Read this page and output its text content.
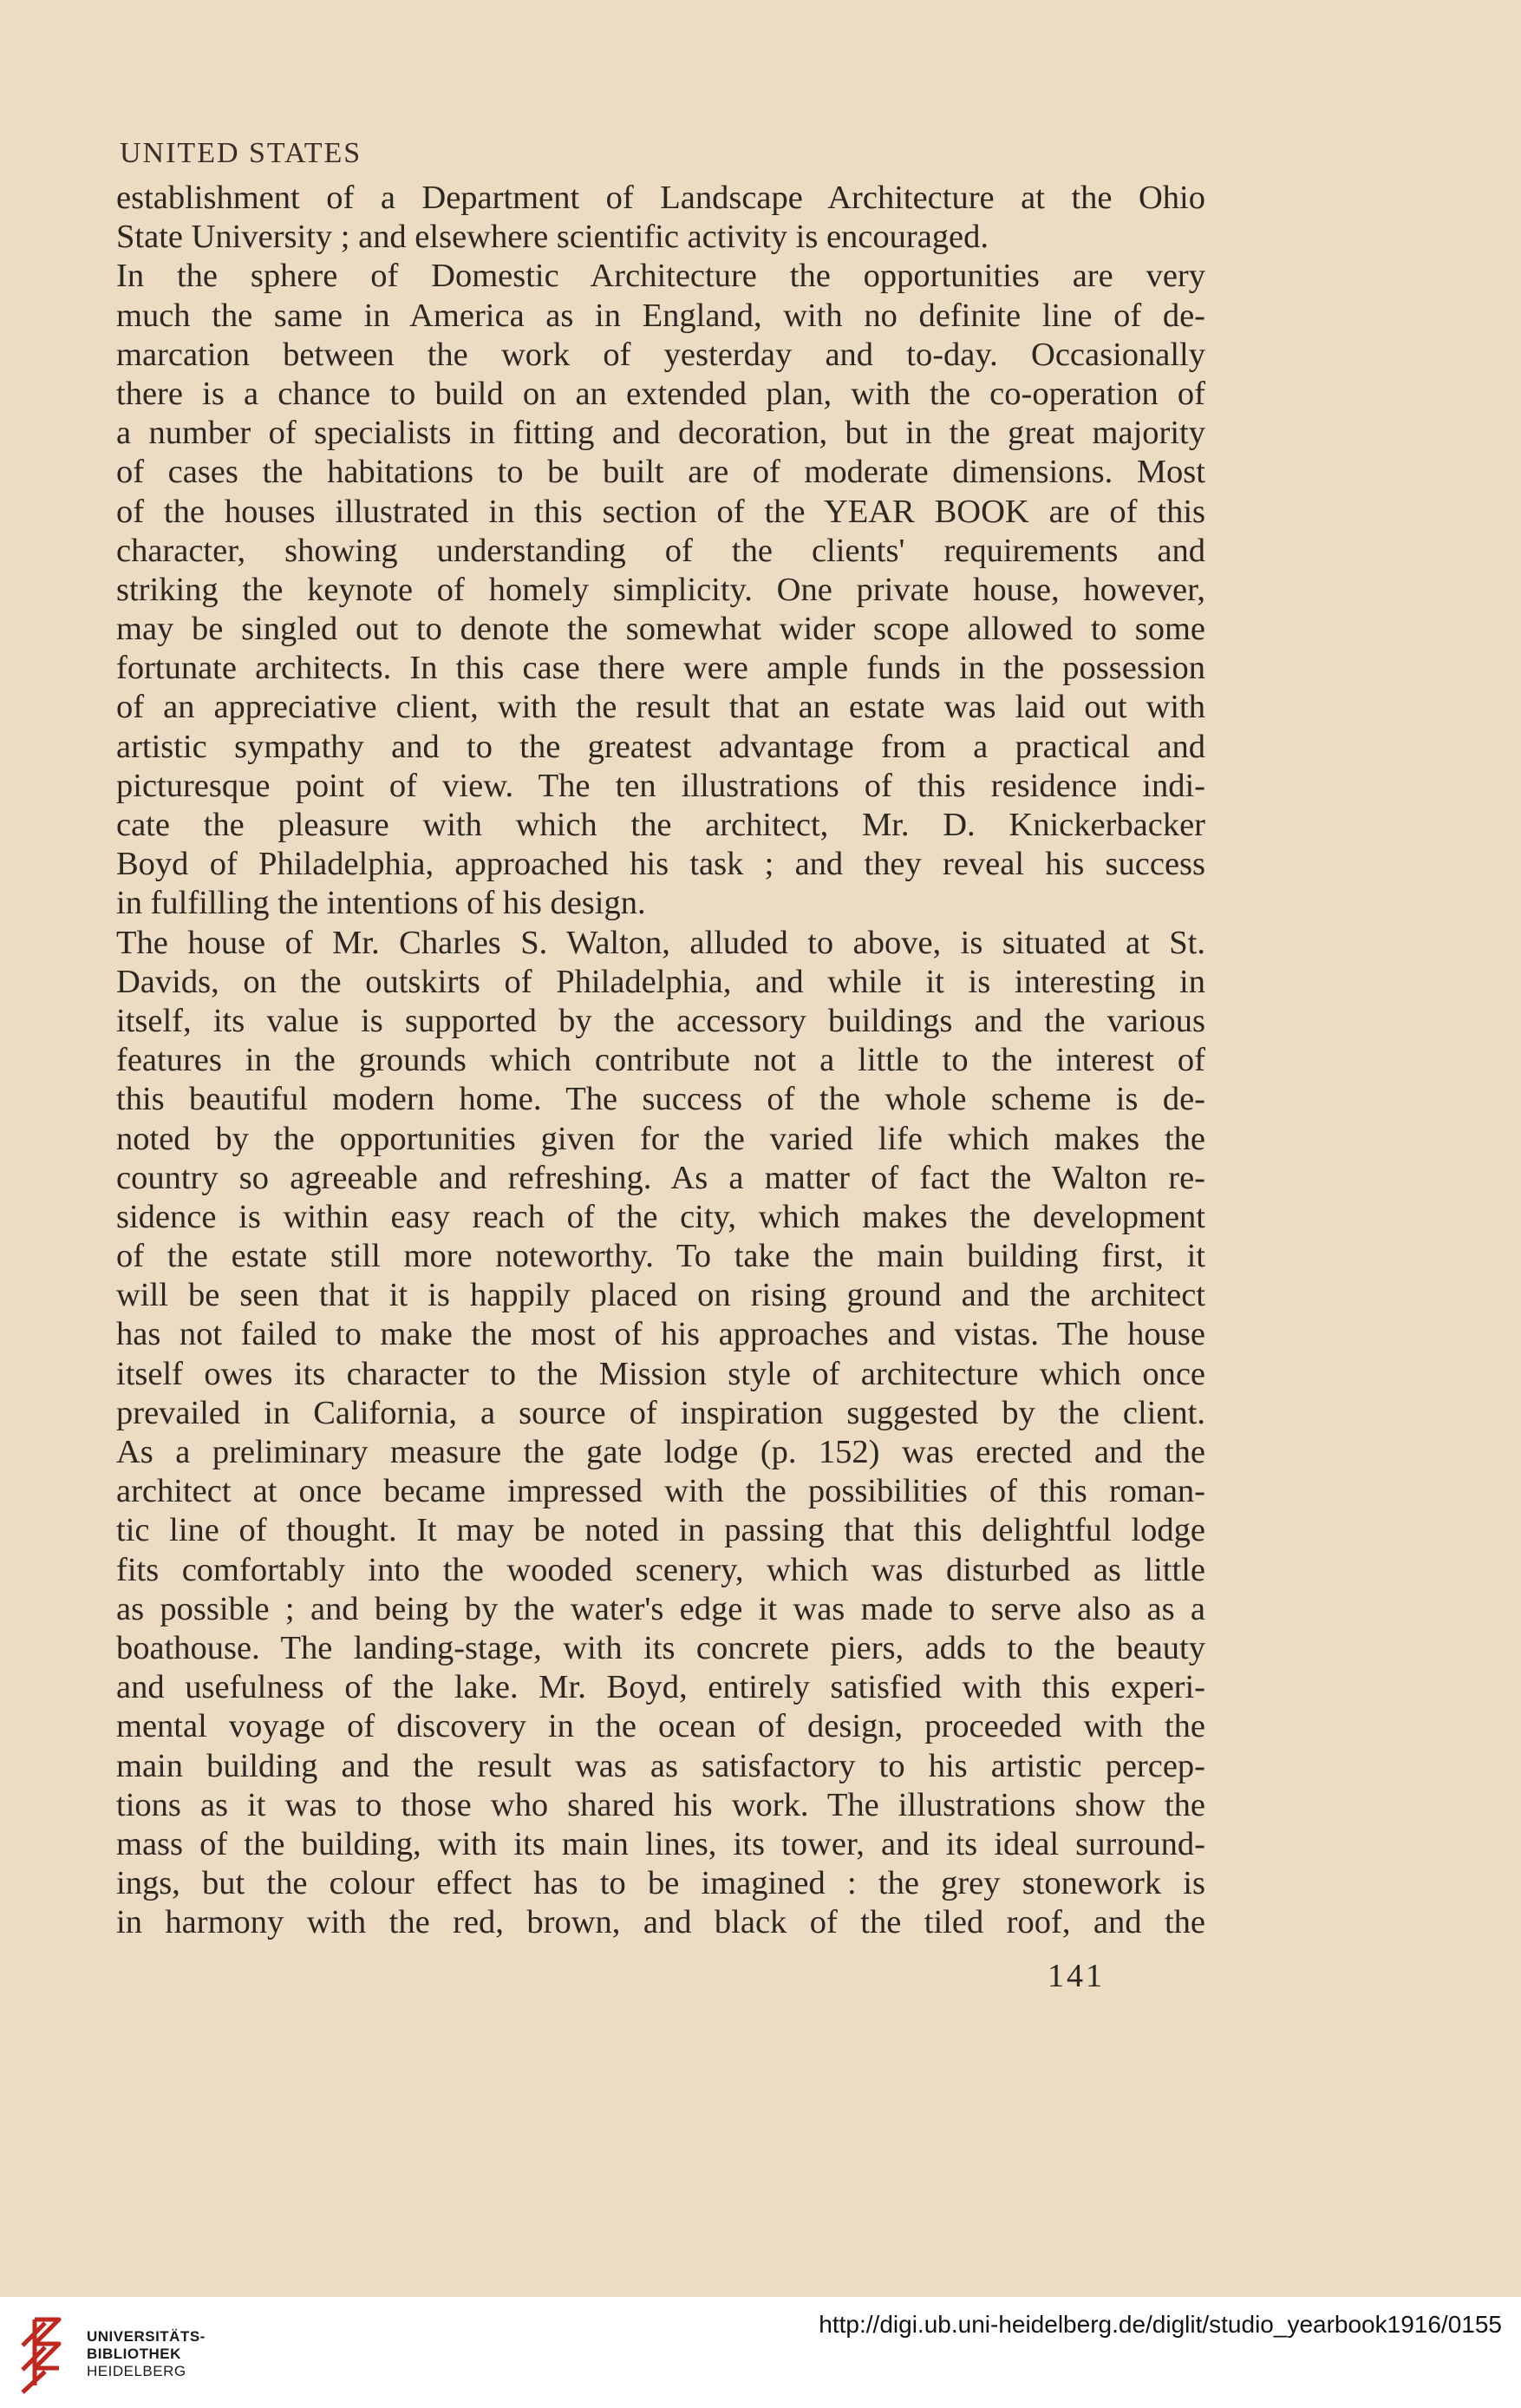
UNITED STATES
establishment of a Department of Landscape Architecture at the Ohio
State University ; and elsewhere scientific activity is encouraged.
In the sphere of Domestic Architecture the opportunities are very
much the same in America as in England, with no definite line of de-
marcation between the work of yesterday and to-day. Occasionally
there is a chance to build on an extended plan, with the co-operation of
a number of specialists in fitting and decoration, but in the great majority
of cases the habitations to be built are of moderate dimensions. Most
of the houses illustrated in this section of the YEAR BOOK are of this
character, showing understanding of the clients' requirements and
striking the keynote of homely simplicity. One private house, however,
may be singled out to denote the somewhat wider scope allowed to some
fortunate architects. In this case there were ample funds in the possession
of an appreciative client, with the result that an estate was laid out with
artistic sympathy and to the greatest advantage from a practical and
picturesque point of view. The ten illustrations of this residence indi-
cate the pleasure with which the architect, Mr. D. Knickerbacker
Boyd of Philadelphia, approached his task ; and they reveal his success
in fulfilling the intentions of his design.
The house of Mr. Charles S. Walton, alluded to above, is situated at St.
Davids, on the outskirts of Philadelphia, and while it is interesting in
itself, its value is supported by the accessory buildings and the various
features in the grounds which contribute not a little to the interest of
this beautiful modern home. The success of the whole scheme is de-
noted by the opportunities given for the varied life which makes the
country so agreeable and refreshing. As a matter of fact the Walton re-
sidence is within easy reach of the city, which makes the development
of the estate still more noteworthy. To take the main building first, it
will be seen that it is happily placed on rising ground and the architect
has not failed to make the most of his approaches and vistas. The house
itself owes its character to the Mission style of architecture which once
prevailed in California, a source of inspiration suggested by the client.
As a preliminary measure the gate lodge (p. 152) was erected and the
architect at once became impressed with the possibilities of this roman-
tic line of thought. It may be noted in passing that this delightful lodge
fits comfortably into the wooded scenery, which was disturbed as little
as possible ; and being by the water's edge it was made to serve also as a
boathouse. The landing-stage, with its concrete piers, adds to the beauty
and usefulness of the lake. Mr. Boyd, entirely satisfied with this experi-
mental voyage of discovery in the ocean of design, proceeded with the
main building and the result was as satisfactory to his artistic percep-
tions as it was to those who shared his work. The illustrations show the
mass of the building, with its main lines, its tower, and its ideal surround-
ings, but the colour effect has to be imagined : the grey stonework is
in harmony with the red, brown, and black of the tiled roof, and the
141
UNIVERSITÄTS-
BIBLIOTHEK
HEIDELBERG
http://digi.ub.uni-heidelberg.de/diglit/studio_yearbook1916/0155
